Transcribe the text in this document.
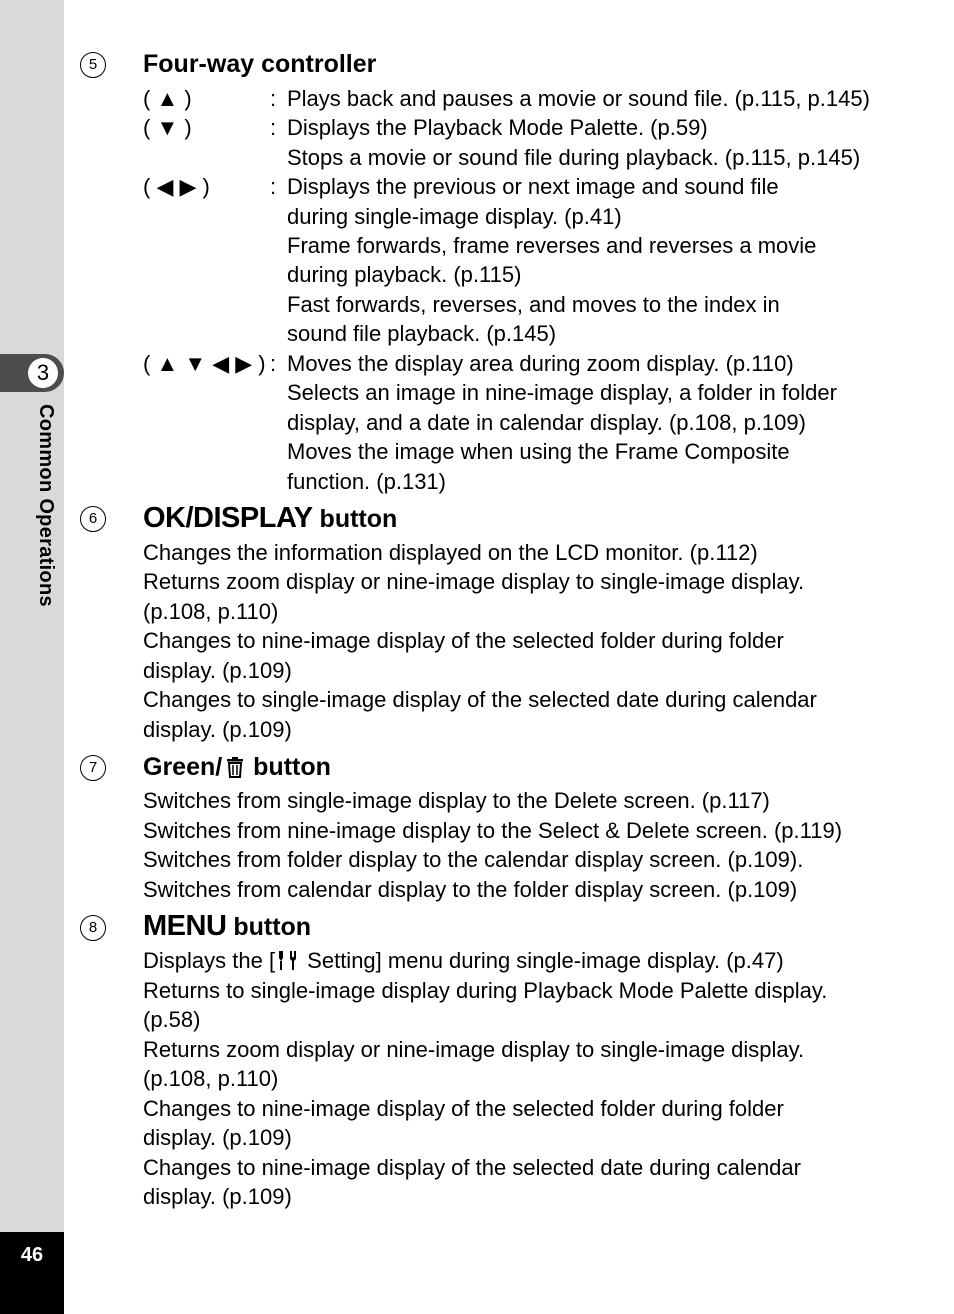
3
Common Operations
46
5	Four-way controller
( ▲ )	: Plays back and pauses a movie or sound file. (p.115, p.145)
( ▼ )	: Displays the Playback Mode Palette. (p.59)
Stops a movie or sound file during playback. (p.115, p.145)
( ◀ ▶ )	: Displays the previous or next image and sound file
during single-image display. (p.41)
Frame forwards, frame reverses and reverses a movie
during playback. (p.115)
Fast forwards, reverses, and moves to the index in
sound file playback. (p.145)
( ▲ ▼ ◀ ▶ ) : Moves the display area during zoom display. (p.110)
Selects an image in nine-image display, a folder in folder
display, and a date in calendar display. (p.108, p.109)
Moves the image when using the Frame Composite
function. (p.131)
6	OK/DISPLAY button
Changes the information displayed on the LCD monitor. (p.112)
Returns zoom display or nine-image display to single-image display.
(p.108, p.110)
Changes to nine-image display of the selected folder during folder
display. (p.109)
Changes to single-image display of the selected date during calendar
display. (p.109)
7	Green/ button
Switches from single-image display to the Delete screen. (p.117)
Switches from nine-image display to the Select & Delete screen. (p.119)
Switches from folder display to the calendar display screen. (p.109).
Switches from calendar display to the folder display screen. (p.109)
8	MENU button
Displays the [ Setting] menu during single-image display. (p.47)
Returns to single-image display during Playback Mode Palette display.
(p.58)
Returns zoom display or nine-image display to single-image display.
(p.108, p.110)
Changes to nine-image display of the selected folder during folder
display. (p.109)
Changes to nine-image display of the selected date during calendar
display. (p.109)
